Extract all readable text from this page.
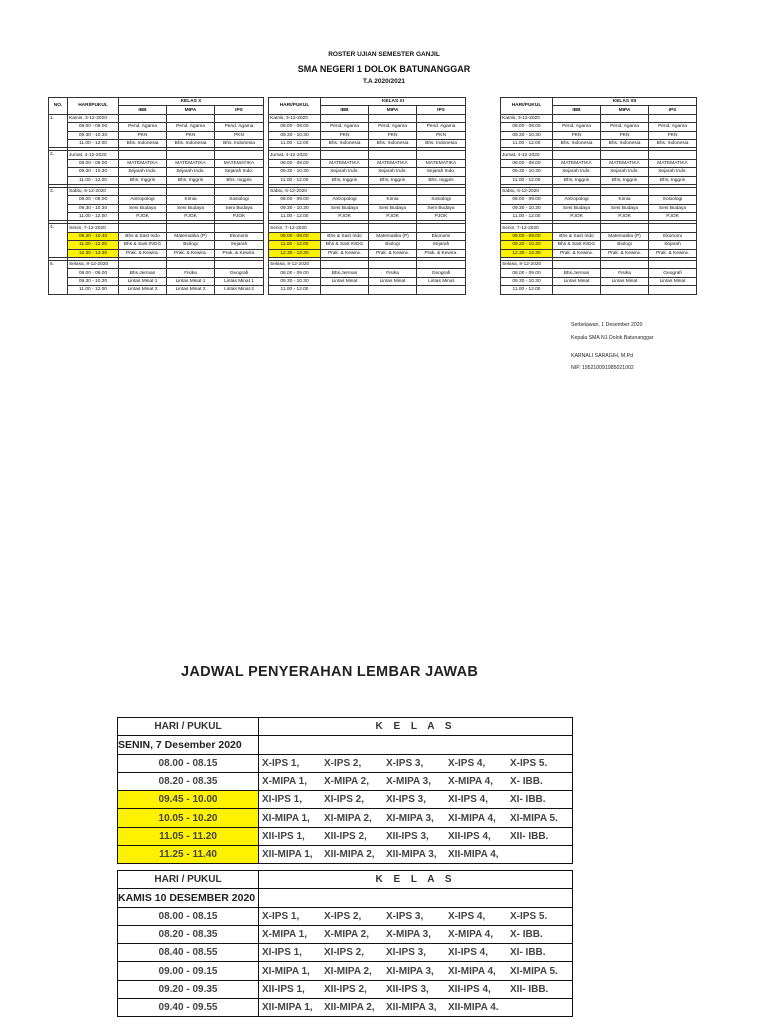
ROSTER UJIAN SEMESTER GANJIL
SMA NEGERI 1 DOLOK BATUNANGGAR
T.A 2020/2021
NO.	HARI/PUKUL	KELAS X		
		IBB	MIPA	IPS
1.	Kamis, 3-12-2020			
	08.00 - 09.00	Pend. Agama	Pend. Agama	Pend. Agama
	09.30 - 10.30	PKN	PKN	PKN
	11.00 - 12.00	Bhs. Indonesia	Bhs. Indonesia	Bhs. Indonesia

2.	Jumat, 4-12-2020			
	08.00 - 09.00	MATEMATIKA	MATEMATIKA	MATEMATIKA
	09.30 - 10.30	Sejarah Indo.	Sejarah Indo.	Sejarah Indo.
	11.00 - 12.00	Bhs. Inggris	Bhs. Inggris	Bhs. Inggris

3.	Sabtu, 5-12-2020			
	08.00 - 09.00	Antropologi	Kimia	Sosiologi
	09.30 - 10.30	Seni Budaya	Seni Budaya	Seni Budaya
	11.00 - 12.00	PJOK	PJOK	PJOK

4.	Senin, 7-12-2020			
	09.40 - 10.40	Bhs & Sast Indo	Matematika (P)	Ekonomi
	11.00 - 12.00	Bhs & Sast INGG	Biologi	Sejarah
	12.30 - 13.30	Prak. & Kewira.	Prak. & Kewira.	Prak. & Kewira.

5.	Selasa, 8-12-2020			
	08.00 - 09.00	Bhs.Jerman	Fisika	Geografi
	09.30 - 10.30	Lintas Minat 1	Lintas Minat 1	Lintas Minat 1
	11.00 - 12.00	Lintas Minat 2	Lintas Minat 2	Lintas Minat 2
HARI/PUKUL	KELAS XI		
	IBB	MIPA	IPS
Kamis, 3-12-2020			
08.00 - 09.00	Pend. Agama	Pend. Agama	Pend. Agama
09.30 - 10.30	PKN	PKN	PKN
11.00 - 12.00	Bhs. Indonesia	Bhs. Indonesia	Bhs. Indonesia

Jumat, 4-12-2020			
08.00 - 09.00	MATEMATIKA	MATEMATIKA	MATEMATIKA
09.30 - 10.30	Sejarah Indo.	Sejarah Indo.	Sejarah Indo.
11.00 - 12.00	Bhs. Inggris	Bhs. Inggris	Bhs. Inggris

Sabtu, 5-12-2020			
08.00 - 09.00	Antropologi	Kimia	Sosiologi
09.30 - 10.30	Seni Budaya	Seni Budaya	Seni Budaya
11.00 - 12.00	PJOK	PJOK	PJOK

Senin, 7-12-2020			
08.00 - 09.00	Bhs & Sast Indo	Matematika (P)	Ekonomi
11.00 - 12.00	Bhs & Sast INGG	Biologi	Sejarah
12.30 - 13.30	Prak. & Kewira.	Prak. & Kewira.	Prak. & Kewira.

Selasa, 8-12-2020			
08.00 - 09.00	Bhs.Jerman	Fisika	Geografi
09.30 - 10.30	Lintas Minat	Lintas Minat	Lintas Minat
11.00 - 12.00			
HARI/PUKUL	KELAS XII		
	IBB	MIPA	IPS
Kamis, 3-12-2020			
08.00 - 09.00	Pend. Agama	Pend. Agama	Pend. Agama
09.30 - 10.30	PKN	PKN	PKN
11.00 - 12.00	Bhs. Indonesia	Bhs. Indonesia	Bhs. Indonesia

Jumat, 4-12-2020			
08.00 - 09.00	MATEMATIKA	MATEMATIKA	MATEMATIKA
09.30 - 10.30	Sejarah Indo.	Sejarah Indo.	Sejarah Indo.
11.00 - 12.00	Bhs. Inggris	Bhs. Inggris	Bhs. Inggris

Sabtu, 5-12-2020			
08.00 - 09.00	Antropologi	Kimia	Sosiologi
09.30 - 10.30	Seni Budaya	Seni Budaya	Seni Budaya
11.00 - 12.00	PJOK	PJOK	PJOK

Senin, 7-12-2020			
08.00 - 09.00	Bhs & Sast Indo	Matematika (P)	Ekonomi
09.20 - 10.20	Bhs & Sast INGG	Biologi	Sejarah
12.30 - 13.30	Prak. & Kewira.	Prak. & Kewira.	Prak. & Kewira.

Selasa, 8-12-2020			
08.00 - 09.00	Bhs.Jerman	Fisika	Geografi
09.30 - 10.30	Lintas Minat	Lintas Minat	Lintas Minat
11.00 - 12.00			
Serbelawan, 1 Desember 2020
Kepala SMA N1 Dolok Batunanggar
KARNALI SARAGIH, M.Pd
NIP. 195210091985021002
JADWAL PENYERAHAN LEMBAR JAWAB
HARI / PUKUL	K E L A S
SENIN, 7 Desember 2020	
08.00 - 08.15	X-IPS 1, X-IPS 2, X-IPS 3, X-IPS 4, X-IPS 5.

08.20 - 08.35	X-MIPA 1, X-MIPA 2, X-MIPA 3, X-MIPA 4, X- IBB.

09.45 - 10.00	XI-IPS 1, XI-IPS 2, XI-IPS 3, XI-IPS 4, XI- IBB.

10.05 - 10.20	XI-MIPA 1, XI-MIPA 2, XI-MIPA 3, XI-MIPA 4, XI-MIPA 5.

11.05 - 11.20	XII-IPS 1, XII-IPS 2, XII-IPS 3, XII-IPS 4, XII- IBB.

11.25 - 11.40	XII-MIPA 1, XII-MIPA 2, XII-MIPA 3, XII-MIPA 4,
HARI / PUKUL	K E L A S
KAMIS 10 DESEMBER 2020	
08.00 - 08.15	X-IPS 1, X-IPS 2, X-IPS 3, X-IPS 4, X-IPS 5.

08.20 - 08.35	X-MIPA 1, X-MIPA 2, X-MIPA 3, X-MIPA 4, X- IBB.

08.40 - 08.55	XI-IPS 1, XI-IPS 2, XI-IPS 3, XI-IPS 4, XI- IBB.

09.00 - 09.15	XI-MIPA 1, XI-MIPA 2, XI-MIPA 3, XI-MIPA 4, XI-MIPA 5.

09.20 - 09.35	XII-IPS 1, XII-IPS 2, XII-IPS 3, XII-IPS 4, XII- IBB.

09.40 - 09.55	XII-MIPA 1, XII-MIPA 2, XII-MIPA 3, XII-MIPA 4.
